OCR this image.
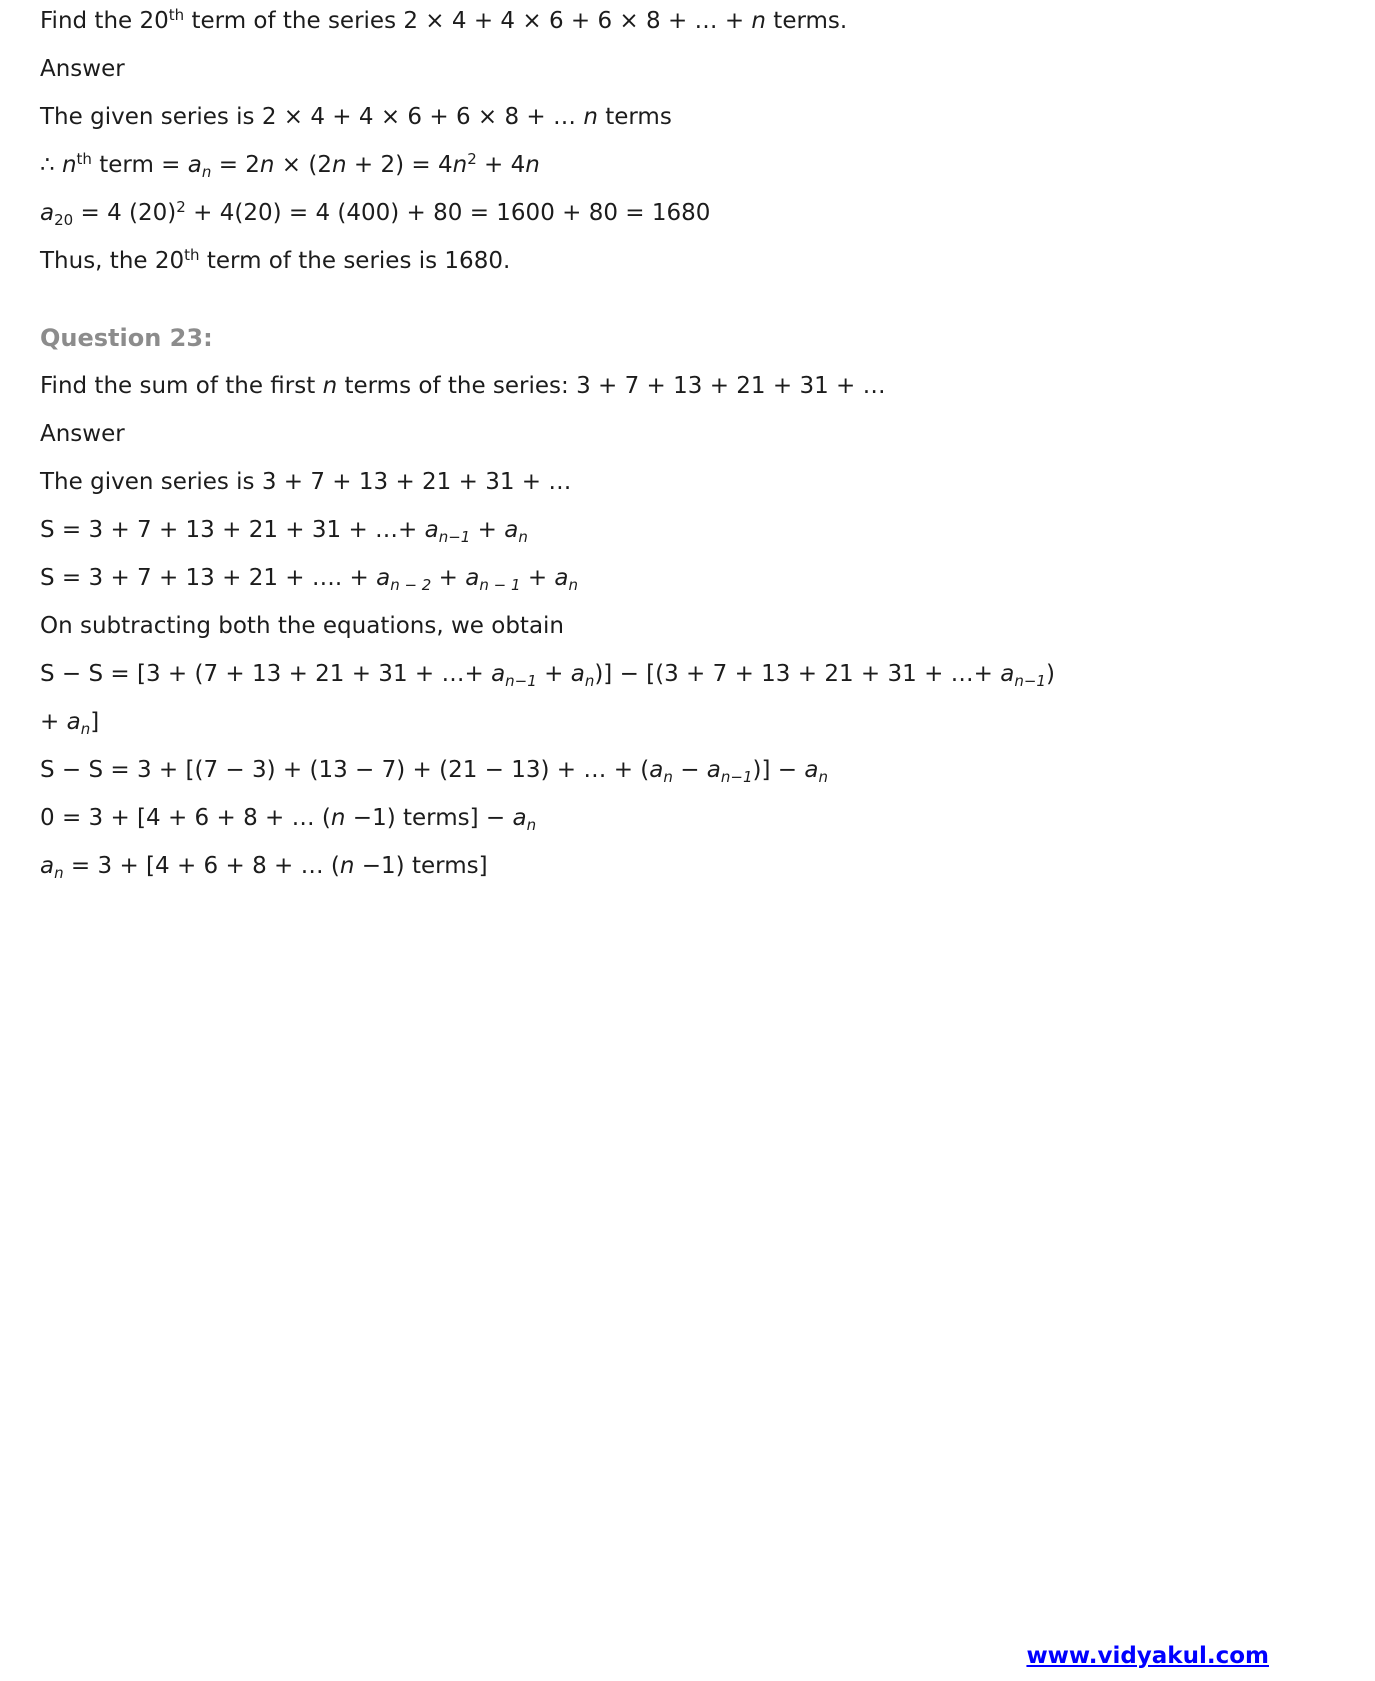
Find the 20th term of the series 2 × 4 + 4 × 6 + 6 × 8 + … + n terms.
Answer
The given series is 2 × 4 + 4 × 6 + 6 × 8 + … n terms
∴ $n^{th}$ term = $a_n = 2n \times (2n + 2) = 4n^2 + 4n$
$a_{20} = 4$ $(20)^2 + 4(20) = 4$ (400) + 80 = 1600 + 80 = 1680
Thus, the 20th term of the series is 1680.
Question 23:
Find the sum of the first n terms of the series: 3 + 7 + 13 + 21 + 31 + …
Answer
The given series is 3 + 7 + 13 + 21 + 31 + …
S = 3 + 7 + 13 + 21 + 31 + …+ $a_{n-1} + a_n$
S = 3 + 7 + 13 + 21 + …. + $a_{n - 2} + a_{n - 1} + a_n$
On subtracting both the equations, we obtain
S − S = [3 + (7 + 13 + 21 + 31 + …+ $a_{n-1} + a_n)] - [(3 + 7 + 13 + 21 + 31$ + …+ $a_{n-1}$)
+ $a_n$]
S − S = 3 + [(7 − 3) + (13 − 7) + (21 − 13) + … + $(a_n - a_{n-1})] - a_n$
0 = 3 + [4 + 6 + 8 + … (n −1) terms] − $a_n$
$a_n = 3 + [4 + 6 + 8$ + … (n −1) terms]
www.vidyakul.com
